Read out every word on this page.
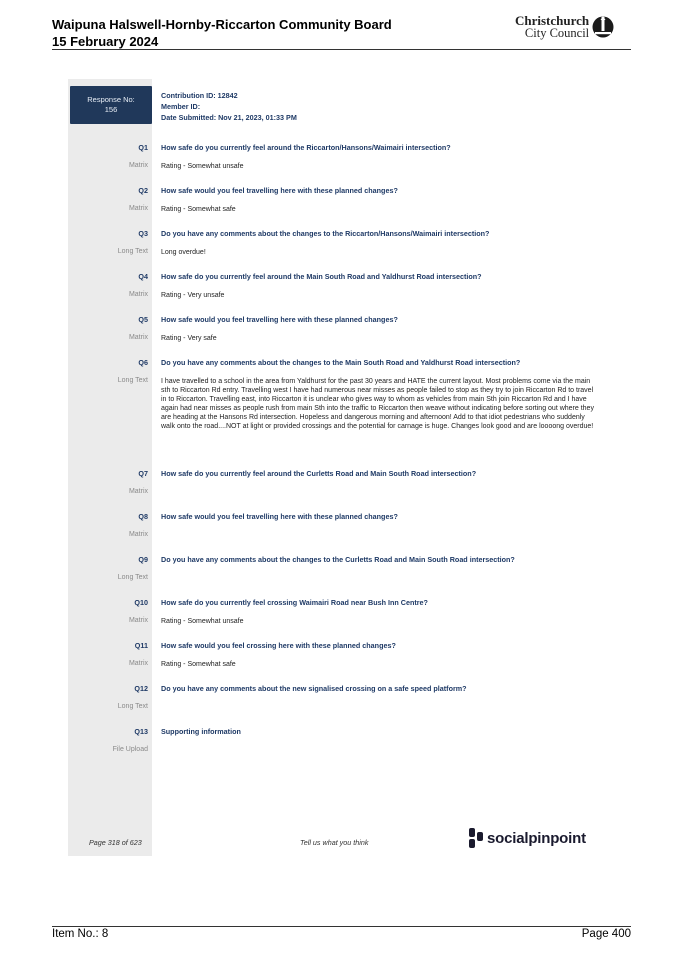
Waipuna Halswell-Hornby-Riccarton Community Board
15 February 2024
Christchurch
City Council
Response No:
156
Contribution ID: 12842
Member ID:
Date Submitted: Nov 21, 2023, 01:33 PM
Q1 How safe do you currently feel around the Riccarton/Hansons/Waimairi intersection?
Matrix Rating - Somewhat unsafe
Q2 How safe would you feel travelling here with these planned changes?
Matrix Rating - Somewhat safe
Q3 Do you have any comments about the changes to the Riccarton/Hansons/Waimairi intersection?
Long Text Long overdue!
Q4 How safe do you currently feel around the Main South Road and Yaldhurst Road intersection?
Matrix Rating - Very unsafe
Q5 How safe would you feel travelling here with these planned changes?
Matrix Rating - Very safe
Q6 Do you have any comments about the changes to the Main South Road and Yaldhurst Road intersection?
Long Text I have travelled to a school in the area from Yaldhurst for the past 30 years and HATE the current layout. Most problems come via the main sth to Riccarton Rd entry. Travelling west I have had numerous near misses as people failed to stop as they try to join Riccarton Rd to travel in to Riccarton. Travelling east, into Riccarton it is unclear who gives way to whom as vehicles from main Sth join Riccarton Rd and I have again had near misses as people rush from main Sth into the traffic to Riccarton then weave without indicating before sorting out where they are heading at the Hansons Rd intersection. Hopeless and dangerous morning and afternoon! Add to that idiot pedestrians who suddenly walk onto the road....NOT at light or provided crossings and the potential for carnage is huge. Changes look good and are loooong overdue!
Q7 How safe do you currently feel around the Curletts Road and Main South Road intersection?
Matrix
Q8 How safe would you feel travelling here with these planned changes?
Matrix
Q9 Do you have any comments about the changes to the Curletts Road and Main South Road intersection?
Long Text
Q10 How safe do you currently feel crossing Waimairi Road near Bush Inn Centre?
Matrix Rating - Somewhat unsafe
Q11 How safe would you feel crossing here with these planned changes?
Matrix Rating - Somewhat safe
Q12 Do you have any comments about the new signalised crossing on a safe speed platform?
Long Text
Q13 Supporting information
File Upload
Page 318 of 623	Tell us what you think	socialpinpoint
Item No.: 8	Page 400
